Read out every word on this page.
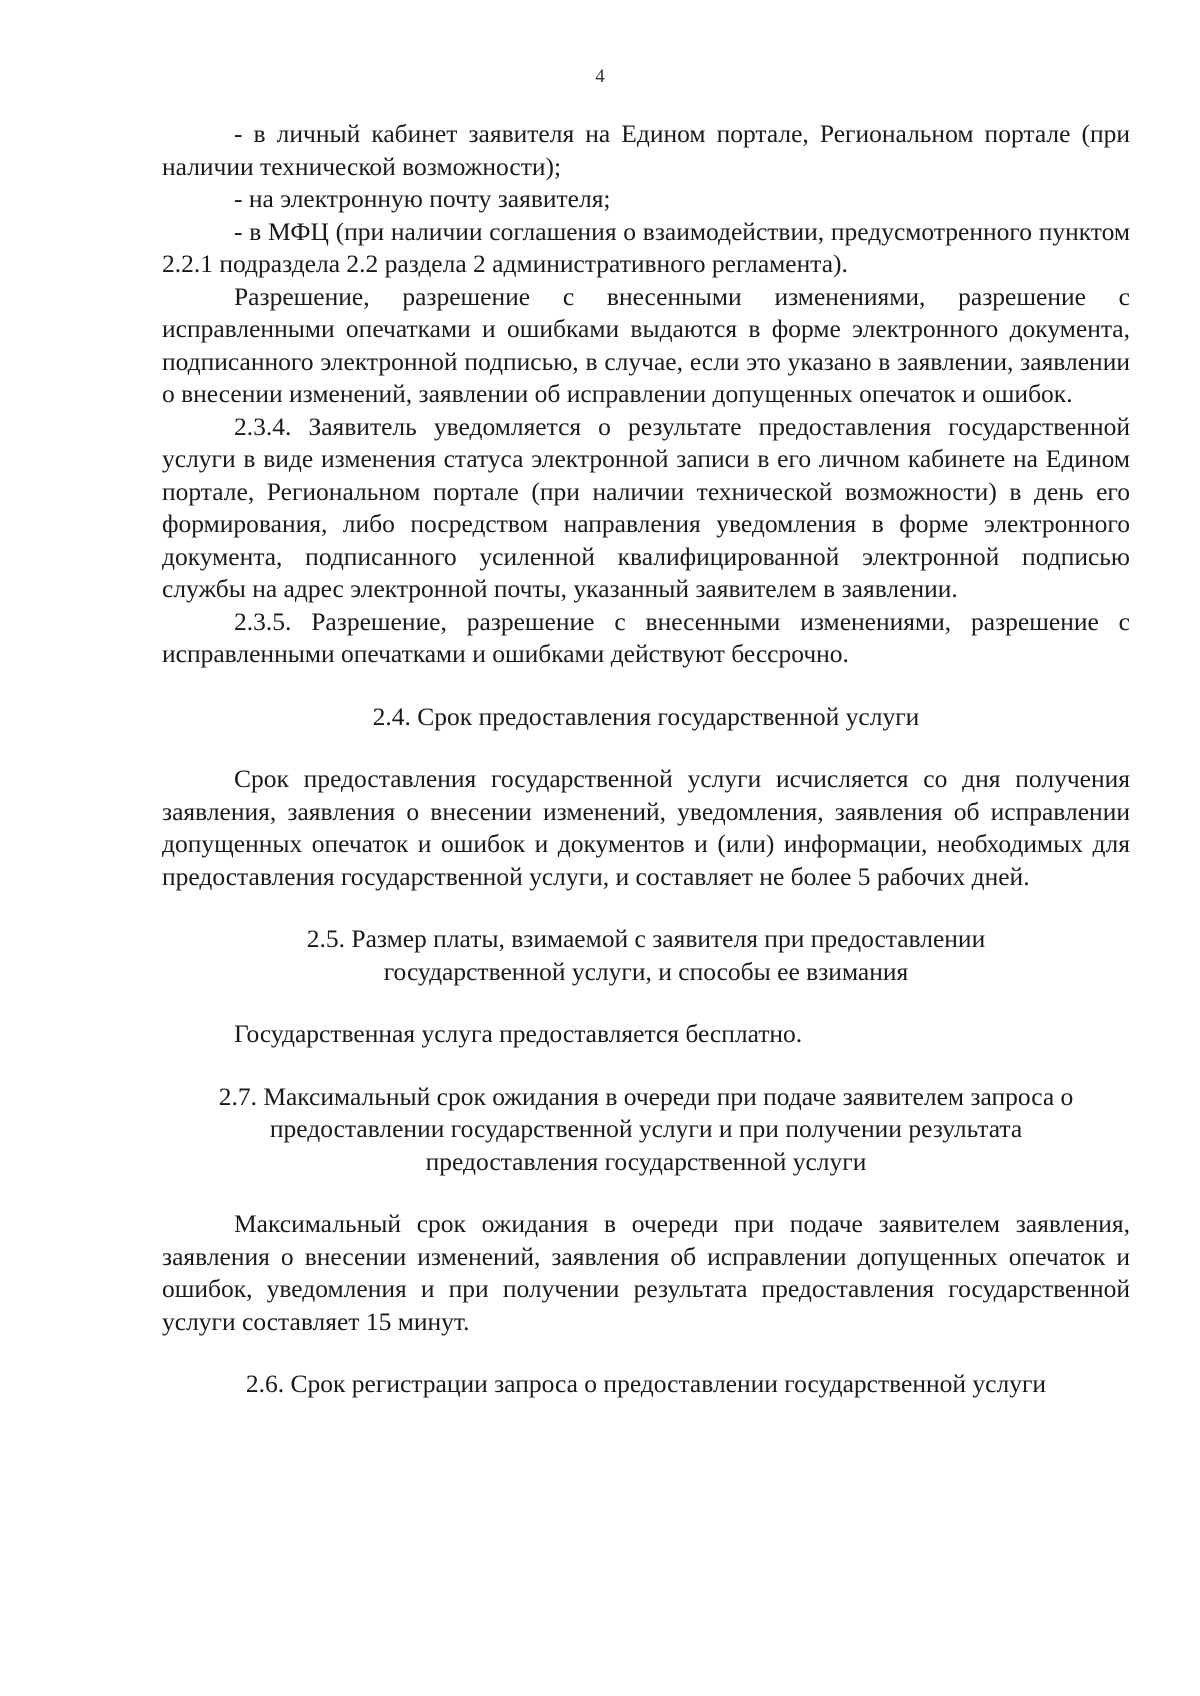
4

- в личный кабинет заявителя на Едином портале, Региональном портале (при наличии технической возможности);

- на электронную почту заявителя;

- в МФЦ (при наличии соглашения о взаимодействии, предусмотренного пунктом 2.2.1 подраздела 2.2 раздела 2 административного регламента).

Разрешение, разрешение с внесенными изменениями, разрешение с исправленными опечатками и ошибками выдаются в форме электронного документа, подписанного электронной подписью, в случае, если это указано в заявлении, заявлении о внесении изменений, заявлении об исправлении допущенных опечаток и ошибок.

2.3.4. Заявитель уведомляется о результате предоставления государственной услуги в виде изменения статуса электронной записи в его личном кабинете на Едином портале, Региональном портале (при наличии технической возможности) в день его формирования, либо посредством направления уведомления в форме электронного документа, подписанного усиленной квалифицированной электронной подписью службы на адрес электронной почты, указанный заявителем в заявлении.

2.3.5. Разрешение, разрешение с внесенными изменениями, разрешение с исправленными опечатками и ошибками действуют бессрочно.

2.4. Срок предоставления государственной услуги

Срок предоставления государственной услуги исчисляется со дня получения заявления, заявления о внесении изменений, уведомления, заявления об исправлении допущенных опечаток и ошибок и документов и (или) информации, необходимых для предоставления государственной услуги, и составляет не более 5 рабочих дней.

2.5. Размер платы, взимаемой с заявителя при предоставлении

государственной услуги, и способы ее взимания

Государственная услуга предоставляется бесплатно.

2.7. Максимальный срок ожидания в очереди при подаче заявителем запроса о

предоставлении государственной услуги и при получении результата

предоставления государственной услуги

Максимальный срок ожидания в очереди при подаче заявителем заявления, заявления о внесении изменений, заявления об исправлении допущенных опечаток и ошибок, уведомления и при получении результата предоставления государственной услуги составляет 15 минут.

2.6. Срок регистрации запроса о предоставлении государственной услуги
